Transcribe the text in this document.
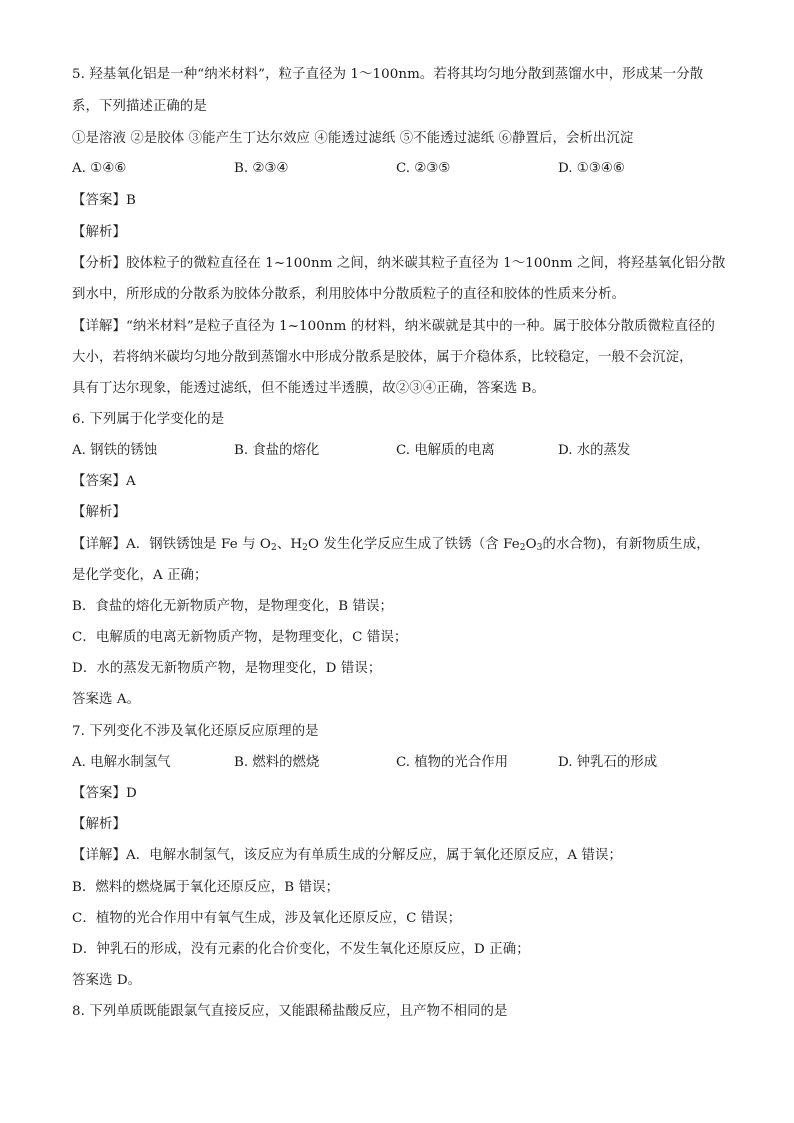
5. 羟基氧化铝是一种“纳米材料”，粒子直径为 1～100nm。若将其均匀地分散到蒸馏水中，形成某一分散
系，下列描述正确的是
①是溶液 ②是胶体 ③能产生丁达尔效应 ④能透过滤纸 ⑤不能透过滤纸 ⑥静置后，会析出沉淀
A. ①④⑥	B. ②③④	C. ②③⑤	D. ①③④⑥
【答案】B
【解析】
【分析】胶体粒子的微粒直径在 1~100nm 之间，纳米碳其粒子直径为 1～100nm 之间，将羟基氧化铝分散
到水中，所形成的分散系为胶体分散系，利用胶体中分散质粒子的直径和胶体的性质来分析。
【详解】“纳米材料”是粒子直径为 1~100nm 的材料，纳米碳就是其中的一种。属于胶体分散质微粒直径的
大小，若将纳米碳均匀地分散到蒸馏水中形成分散系是胶体，属于介稳体系，比较稳定，一般不会沉淀，
具有丁达尔现象，能透过滤纸，但不能透过半透膜，故②③④正确，答案选 B。
6. 下列属于化学变化的是
A. 钢铁的锈蚀	B. 食盐的熔化	C. 电解质的电离	D. 水的蒸发
【答案】A
【解析】
【详解】A．钢铁锈蚀是 Fe 与 $O_2$、$H_2O$ 发生化学反应生成了铁锈（含 $Fe_2O_3$的水合物)，有新物质生成，
是化学变化，A 正确；
B．食盐的熔化无新物质产物，是物理变化，B 错误；
C．电解质的电离无新物质产物，是物理变化，C 错误；
D．水的蒸发无新物质产物，是物理变化，D 错误；
答案选 A。
7. 下列变化不涉及氧化还原反应原理的是
A. 电解水制氢气	B. 燃料的燃烧	C. 植物的光合作用	D. 钟乳石的形成
【答案】D
【解析】
【详解】A．电解水制氢气，该反应为有单质生成的分解反应，属于氧化还原反应，A 错误；
B．燃料的燃烧属于氧化还原反应，B 错误；
C．植物的光合作用中有氧气生成，涉及氧化还原反应，C 错误；
D．钟乳石的形成，没有元素的化合价变化，不发生氧化还原反应，D 正确；
答案选 D。
8. 下列单质既能跟氯气直接反应，又能跟稀盐酸反应，且产物不相同的是
